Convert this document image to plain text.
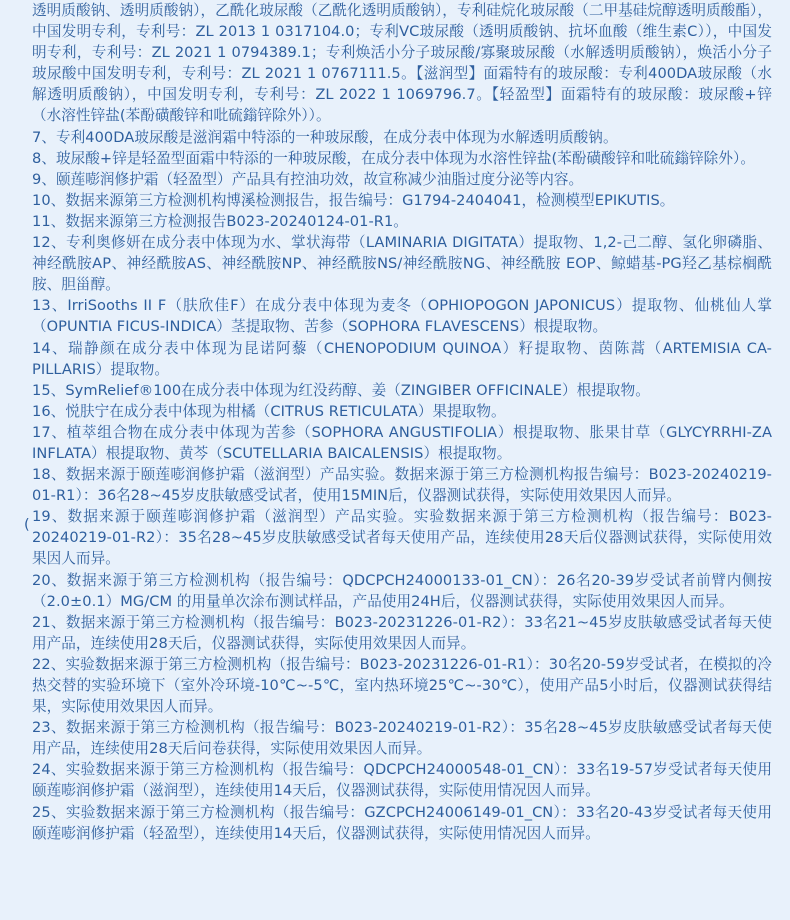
透明质酸钠、透明质酸钠），乙酰化玻尿酸（乙酰化透明质酸钠），专利硅烷化玻尿酸（二甲基硅烷醇透明质酸酯），中国发明专利，专利号：ZL 2013 1 0317104.0；专利VC玻尿酸（透明质酸钠、抗坏血酸（维生素C）），中国发明专利，专利号：ZL 2021 1 0794389.1；专利焕活小分子玻尿酸/寡聚玻尿酸（水解透明质酸钠），焕活小分子玻尿酸中国发明专利，专利号：ZL 2021 1 0767111.5。【滋润型】面霜特有的玻尿酸：专利400DA玻尿酸（水解透明质酸钠），中国发明专利，专利号：ZL 2022 1 1069796.7。【轻盈型】面霜特有的玻尿酸：玻尿酸+锌（水溶性锌盐(苯酚磺酸锌和吡硫鎓锌除外））。

7、专利400DA玻尿酸是滋润霜中特添的一种玻尿酸，在成分表中体现为水解透明质酸钠。

8、玻尿酸+锌是轻盈型面霜中特添的一种玻尿酸，在成分表中体现为水溶性锌盐(苯酚磺酸锌和吡硫鎓锌除外）。

9、颐莲嘭润修护霜（轻盈型）产品具有控油功效，故宣称减少油脂过度分泌等内容。

10、数据来源第三方检测机构博溪检测报告，报告编号：G1794-2404041，检测模型EPIKUTIS。

11、数据来源第三方检测报告B023-20240124-01-R1。

12、专利奥修妍在成分表中体现为水、掌状海带（LAMINARIA DIGITATA）提取物、1,2-己二醇、氢化卵磷脂、神经酰胺AP、神经酰胺AS、神经酰胺NP、神经酰胺NS/神经酰胺NG、神经酰胺 EOP、鲸蜡基-PG羟乙基棕榈酰胺、胆甾醇。

13、IrriSooths II F（肤欣佳F）在成分表中体现为麦冬（OPHIOPOGON JAPONICUS）提取物、仙桃仙人掌（OPUNTIA FICUS-INDICA）茎提取物、苦参（SOPHORA FLAVESCENS）根提取物。

14、瑞静颜在成分表中体现为昆诺阿藜（CHENOPODIUM QUINOA）籽提取物、茵陈蒿（ARTEMISIA CA-PILLARIS）提取物。

15、SymRelief®100在成分表中体现为红没药醇、姜（ZINGIBER OFFICINALE）根提取物。

16、悦肤宁在成分表中体现为柑橘（CITRUS RETICULATA）果提取物。

17、植萃组合物在成分表中体现为苦参（SOPHORA ANGUSTIFOLIA）根提取物、胀果甘草（GLYCYRRHI-ZA INFLATA）根提取物、黄芩（SCUTELLARIA BAICALENSIS）根提取物。

18、数据来源于颐莲嘭润修护霜（滋润型）产品实验。数据来源于第三方检测机构报告编号：B023-20240219-01-R1）：36名28~45岁皮肤敏感受试者，使用15MIN后，仪器测试获得，实际使用效果因人而异。

19、数据来源于颐莲嘭润修护霜（滋润型）产品实验。实验数据来源于第三方检测机构（报告编号：B023-20240219-01-R2）：35名28~45岁皮肤敏感受试者每天使用产品，连续使用28天后仪器测试获得，实际使用效果因人而异。

20、数据来源于第三方检测机构（报告编号：QDCPCH24000133-01_CN）：26名20-39岁受试者前臂内侧按（2.0±0.1）MG/CM 的用量单次涂布测试样品，产品使用24H后，仪器测试获得，实际使用效果因人而异。

21、数据来源于第三方检测机构（报告编号：B023-20231226-01-R2）：33名21~45岁皮肤敏感受试者每天使用产品，连续使用28天后，仪器测试获得，实际使用效果因人而异。

22、实验数据来源于第三方检测机构（报告编号：B023-20231226-01-R1）：30名20-59岁受试者，在模拟的冷热交替的实验环境下（室外冷环境-10℃~-5℃，室内热环境25℃~-30℃），使用产品5小时后，仪器测试获得结果，实际使用效果因人而异。

23、数据来源于第三方检测机构（报告编号：B023-20240219-01-R2）：35名28~45岁皮肤敏感受试者每天使用产品，连续使用28天后问卷获得，实际使用效果因人而异。

24、实验数据来源于第三方检测机构（报告编号：QDCPCH24000548-01_CN）：33名19-57岁受试者每天使用颐莲嘭润修护霜（滋润型），连续使用14天后，仪器测试获得，实际使用情况因人而异。

25、实验数据来源于第三方检测机构（报告编号：GZCPCH24006149-01_CN）：33名20-43岁受试者每天使用颐莲嘭润修护霜（轻盈型），连续使用14天后，仪器测试获得，实际使用情况因人而异。

(
